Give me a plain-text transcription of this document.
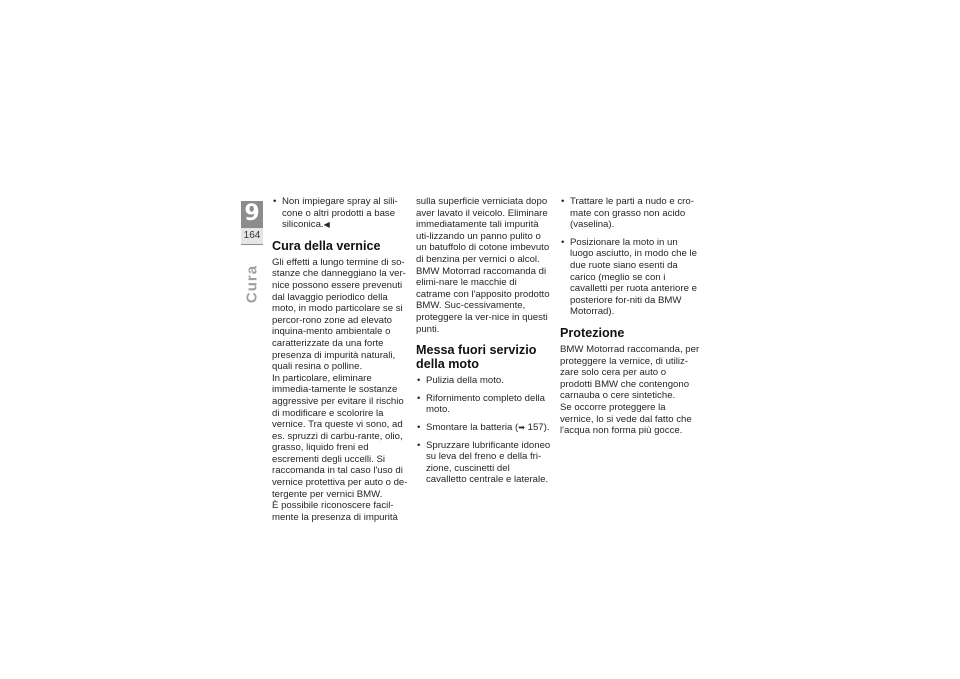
9
164
Cura

• Non impiegare spray al sili-cone o altri prodotti a base siliconica.◀

Cura della vernice

Gli effetti a lungo termine di so-stanze che danneggiano la ver-nice possono essere prevenuti dal lavaggio periodico della moto, in modo particolare se si percor-rono zone ad elevato inquina-mento ambientale o caratterizzate da una forte presenza di impurità naturali, quali resina o polline.

In particolare, eliminare immedia-tamente le sostanze aggressive per evitare il rischio di modificare e scolorire la vernice. Tra queste vi sono, ad es. spruzzi di carbu-rante, olio, grasso, liquido freni ed escrementi degli uccelli. Si raccomanda in tal caso l'uso di vernice protettiva per auto o de-tergente per vernici BMW.

È possibile riconoscere facil-mente la presenza di impurità

sulla superficie verniciata dopo aver lavato il veicolo. Eliminare immediatamente tali impurità uti-lizzando un panno pulito o un batuffolo di cotone imbevuto di benzina per vernici o alcol. BMW Motorrad raccomanda di elimi-nare le macchie di catrame con l'apposito prodotto BMW. Suc-cessivamente, proteggere la ver-nice in questi punti.

Messa fuori servizio della moto

• Pulizia della moto.

• Rifornimento completo della moto.

• Smontare la batteria (➡ 157).

• Spruzzare lubrificante idoneo su leva del freno e della fri-zione, cuscinetti del cavalletto centrale e laterale.

• Trattare le parti a nudo e cro-mate con grasso non acido (vaselina).

• Posizionare la moto in un luogo asciutto, in modo che le due ruote siano esenti da carico (meglio se con i cavalletti per ruota anteriore e posteriore for-niti da BMW Motorrad).

Protezione

BMW Motorrad raccomanda, per proteggere la vernice, di utiliz-zare solo cera per auto o prodotti BMW che contengono carnauba o cere sintetiche.

Se occorre proteggere la vernice, lo si vede dal fatto che l'acqua non forma più gocce.
